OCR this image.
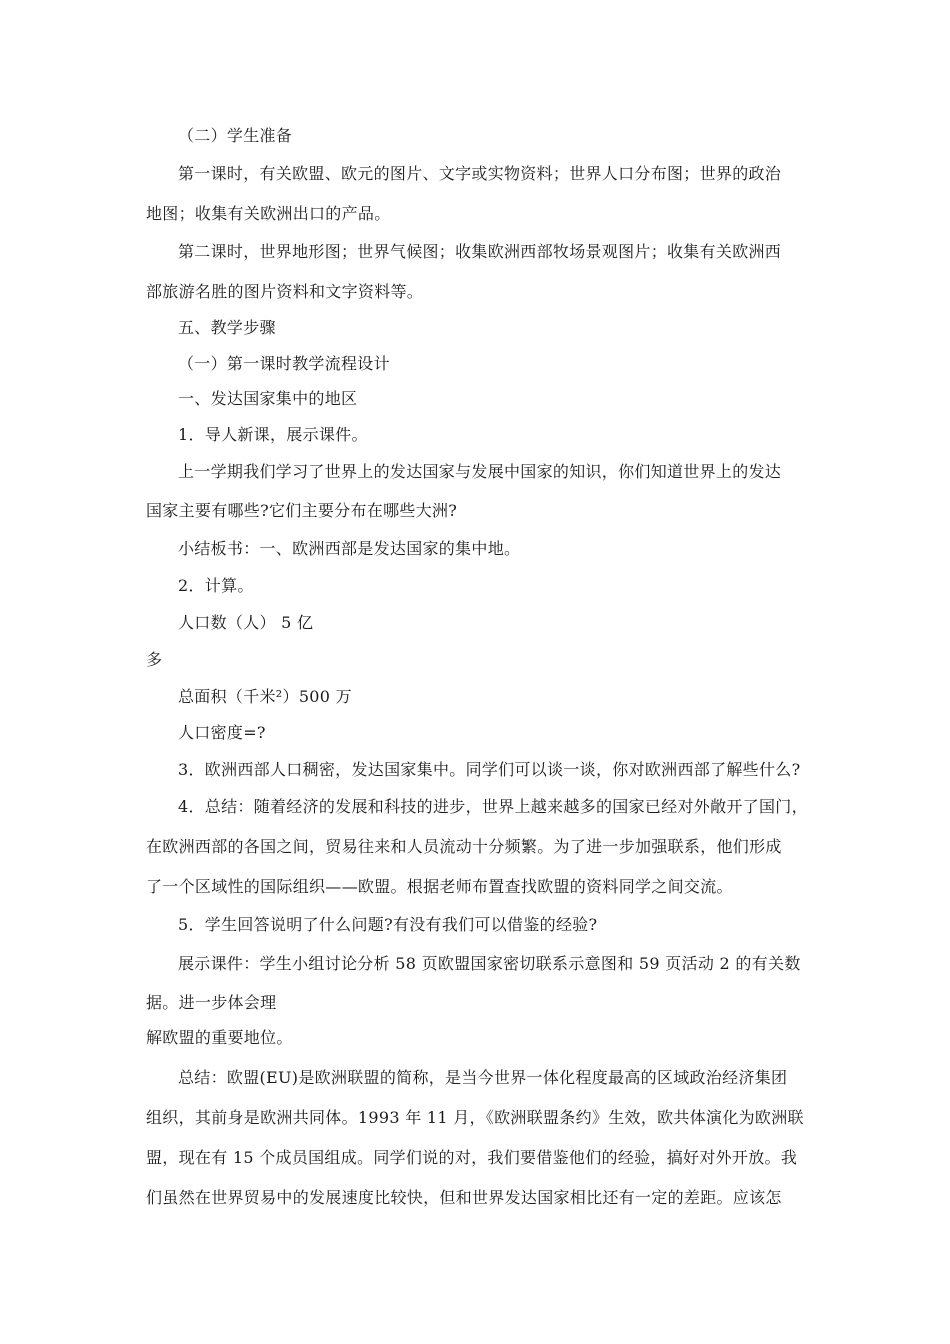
（二）学生准备
第一课时，有关欧盟、欧元的图片、文字或实物资料；世界人口分布图；世界的政治
地图；收集有关欧洲出口的产品。
第二课时，世界地形图；世界气候图；收集欧洲西部牧场景观图片；收集有关欧洲西
部旅游名胜的图片资料和文字资料等。
五、教学步骤
（一）第一课时教学流程设计
一、发达国家集中的地区
1．导人新课，展示课件。
上一学期我们学习了世界上的发达国家与发展中国家的知识，你们知道世界上的发达
国家主要有哪些?它们主要分布在哪些大洲?
小结板书：一、欧洲西部是发达国家的集中地。
2．计算。
人口数（人） 5 亿
多
总面积（千米²）500 万
人口密度=?
3．欧洲西部人口稠密，发达国家集中。同学们可以谈一谈，你对欧洲西部了解些什么?
4．总结：随着经济的发展和科技的进步，世界上越来越多的国家已经对外敞开了国门，
在欧洲西部的各国之间，贸易往来和人员流动十分频繁。为了进一步加强联系，他们形成
了一个区域性的国际组织——欧盟。根据老师布置查找欧盟的资料同学之间交流。
5．学生回答说明了什么问题?有没有我们可以借鉴的经验?
展示课件：学生小组讨论分析 58 页欧盟国家密切联系示意图和 59 页活动 2 的有关数
据。进一步体会理
解欧盟的重要地位。
总结：欧盟(EU)是欧洲联盟的简称，是当今世界一体化程度最高的区域政治经济集团
组织，其前身是欧洲共同体。1993 年 11 月，《欧洲联盟条约》生效，欧共体演化为欧洲联
盟，现在有 15 个成员国组成。同学们说的对，我们要借鉴他们的经验，搞好对外开放。我
们虽然在世界贸易中的发展速度比较快，但和世界发达国家相比还有一定的差距。应该怎
